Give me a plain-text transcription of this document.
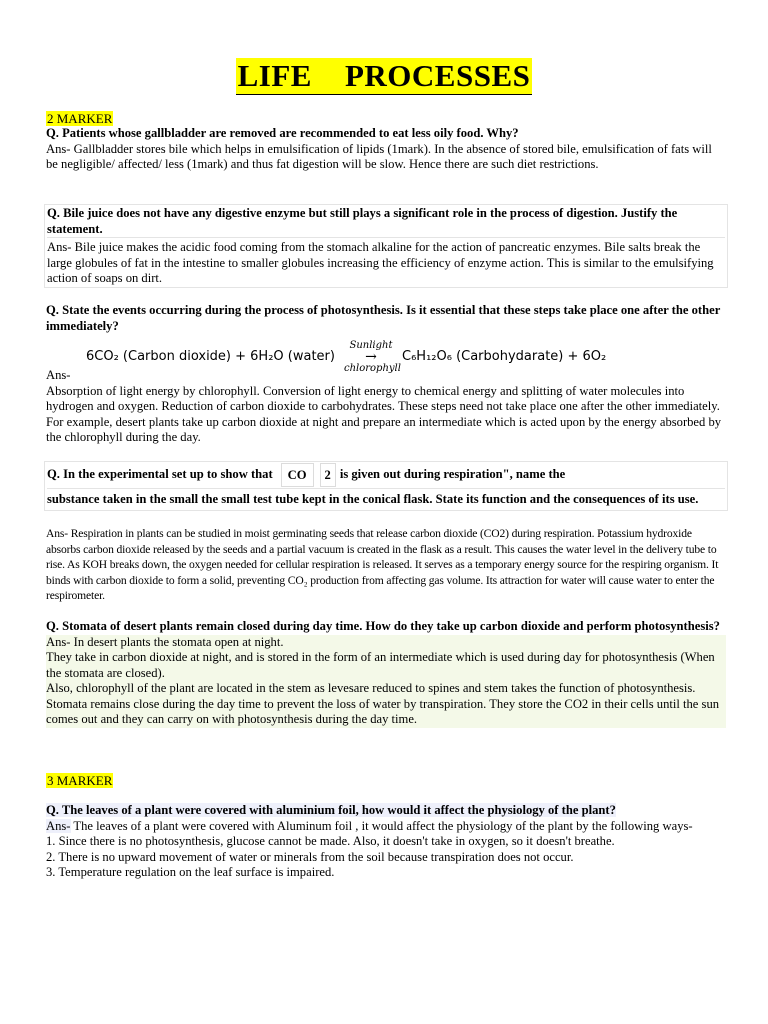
LIFE    PROCESSES
2 MARKER

Q. Patients whose gallbladder are removed are recommended to eat less oily food. Why?

Ans- Gallbladder stores bile which helps in emulsification of lipids (1mark). In the absence of stored bile, emulsification of fats will be negligible/ affected/ less (1mark) and thus fat digestion will be slow. Hence there are such diet restrictions.

Q. Bile juice does not have any digestive enzyme but still plays a significant role in the process of digestion. Justify the statement.

Ans- Bile juice makes the acidic food coming from the stomach alkaline for the action of pancreatic enzymes. Bile salts break the large globules of fat in the intestine to smaller globules increasing the efficiency of enzyme action. This is similar to the emulsifying action of soaps on dirt.

Q. State the events occurring during the process of photosynthesis. Is it essential that these steps take place one after the other immediately?

6CO₂ (Carbon dioxide) + 6H₂O (water)
Sunlight
→
chlorophyll
C₆H₁₂O₆ (Carbohydarate) + 6O₂

Ans-

Absorption of light energy by chlorophyll. Conversion of light energy to chemical energy and splitting of water molecules into hydrogen and oxygen. Reduction of carbon dioxide to carbohydrates. These steps need not take place one after the other immediately. For example, desert plants take up carbon dioxide at night and prepare an intermediate which is acted upon by the energy absorbed by the chlorophyll during the day.

Q. In the experimental set up to show that	CO	2 is given out during respiration", name the

substance taken in the small the small test tube kept in the conical flask. State its function and the consequences of its use.

Ans- Respiration in plants can be studied in moist germinating seeds that release carbon dioxide (CO2) during respiration. Potassium hydroxide absorbs carbon dioxide released by the seeds and a partial vacuum is created in the flask as a result. This causes the water level in the delivery tube to rise. As KOH breaks down, the oxygen needed for cellular respiration is released. It serves as a temporary energy source for the respiring organism. It binds with carbon dioxide to form a solid, preventing CO₂ production from affecting gas volume. Its attraction for water will cause water to enter the respirometer.

Q. Stomata of desert plants remain closed during day time. How do they take up carbon dioxide and perform photosynthesis?

Ans- In desert plants the stomata open at night.

They take in carbon dioxide at night, and is stored in the form of an intermediate which is used during day for photosynthesis (When the stomata are closed).

Also, chlorophyll of the plant are located in the stem as levesare reduced to spines and stem takes the function of photosynthesis.

Stomata remains close during the day time to prevent the loss of water by transpiration. They store the CO2 in their cells until the sun comes out and they can carry on with photosynthesis during the day time.

3 MARKER

Q. The leaves of a plant were covered with aluminium foil, how would it affect the physiology of the plant?

Ans- The leaves of a plant were covered with Aluminum foil , it would affect the physiology of the plant by the following ways-

1. Since there is no photosynthesis, glucose cannot be made. Also, it doesn't take in oxygen, so it doesn't breathe.

2. There is no upward movement of water or minerals from the soil because transpiration does not occur.

3. Temperature regulation on the leaf surface is impaired.
